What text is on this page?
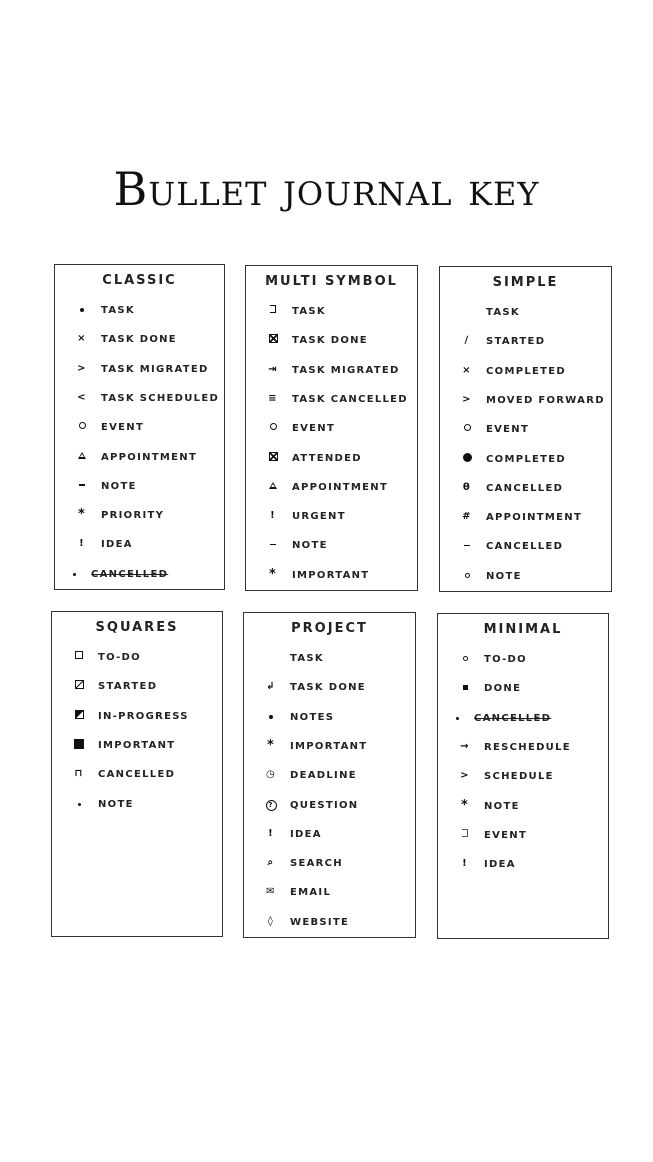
Bullet journal key
CLASSIC
TASK
×	TASK DONE
>	TASK MIGRATED
<	TASK SCHEDULED
EVENT
APPOINTMENT
NOTE
*	PRIORITY
!	IDEA
CANCELLED
MULTI SYMBOL
TASK
TASK DONE
⇥	TASK MIGRATED
≡	TASK CANCELLED
EVENT
ATTENDED
APPOINTMENT
!	URGENT
NOTE
*	IMPORTANT
SIMPLE
TASK
∕	STARTED
×	COMPLETED
>	MOVED FORWARD
EVENT
COMPLETED
θ	CANCELLED
#	APPOINTMENT
CANCELLED
NOTE
SQUARES
TO-DO
STARTED
IN-PROGRESS
IMPORTANT
⊓	CANCELLED
NOTE
PROJECT
TASK
↲	TASK DONE
NOTES
*	IMPORTANT
◷	DEADLINE
?	QUESTION
!	IDEA
⌕	SEARCH
✉	EMAIL
◊	WEBSITE
MINIMAL
TO-DO
DONE
CANCELLED
→	RESCHEDULE
>	SCHEDULE
*	NOTE
EVENT
!	IDEA
